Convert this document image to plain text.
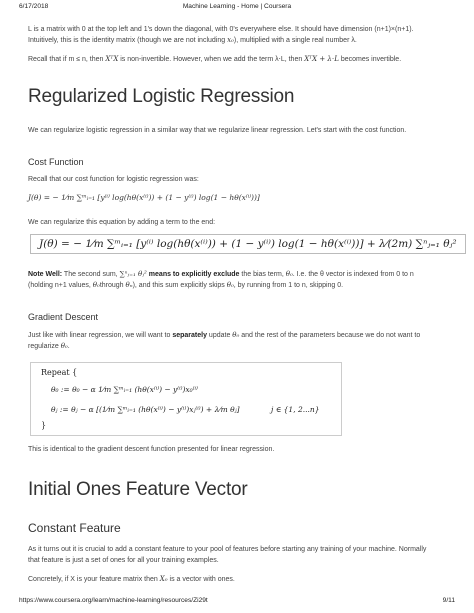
6/17/2018	Machine Learning - Home | Coursera

L is a matrix with 0 at the top left and 1's down the diagonal, with 0's everywhere else. It should have dimension (n+1)×(n+1).

Intuitively, this is the identity matrix (though we are not including x₀), multiplied with a single real number λ.

Recall that if m ≤ n, then XᵀX is non-invertible. However, when we add the term λ⋅L, then XᵀX + λ⋅L becomes invertible.

Regularized Logistic Regression

We can regularize logistic regression in a similar way that we regularize linear regression. Let's start with the cost function.

Cost Function

Recall that our cost function for logistic regression was:

J(θ) = − 1⁄m ∑ᵐᵢ₌₁ [y⁽ⁱ⁾ log(hθ(x⁽ⁱ⁾)) + (1 − y⁽ⁱ⁾) log(1 − hθ(x⁽ⁱ⁾))]

We can regularize this equation by adding a term to the end:

J(θ) = − 1⁄m ∑ᵐᵢ₌₁ [y⁽ⁱ⁾ log(hθ(x⁽ⁱ⁾)) + (1 − y⁽ⁱ⁾) log(1 − hθ(x⁽ⁱ⁾))] + λ⁄(2m) ∑ⁿⱼ₌₁ θⱼ²

Note Well: The second sum, ∑ⁿⱼ₌₁ θⱼ² means to explicitly exclude the bias term, θ₀. I.e. the θ vector is indexed from 0 to n

(holding n+1 values, θ₀through θₙ), and this sum explicitly skips θ₀, by running from 1 to n, skipping 0.

Gradient Descent

Just like with linear regression, we will want to separately update θ₀ and the rest of the parameters because we do not want to

regularize θ₀.

Repeat {
θ₀ := θ₀ − α 1⁄m ∑ᵐᵢ₌₁ (hθ(x⁽ⁱ⁾) − y⁽ⁱ⁾)x₀⁽ⁱ⁾
θⱼ := θⱼ − α [(1⁄m ∑ᵐᵢ₌₁ (hθ(x⁽ⁱ⁾) − y⁽ⁱ⁾)xⱼ⁽ⁱ⁾) + λ⁄m θⱼ]	j ∈ {1, 2...n}
}

This is identical to the gradient descent function presented for linear regression.

Initial Ones Feature Vector
Constant Feature

As it turns out it is crucial to add a constant feature to your pool of features before starting any training of your machine. Normally

that feature is just a set of ones for all your training examples.

Concretely, if X is your feature matrix then X₀ is a vector with ones.

https://www.coursera.org/learn/machine-learning/resources/Zi29t	9/11
